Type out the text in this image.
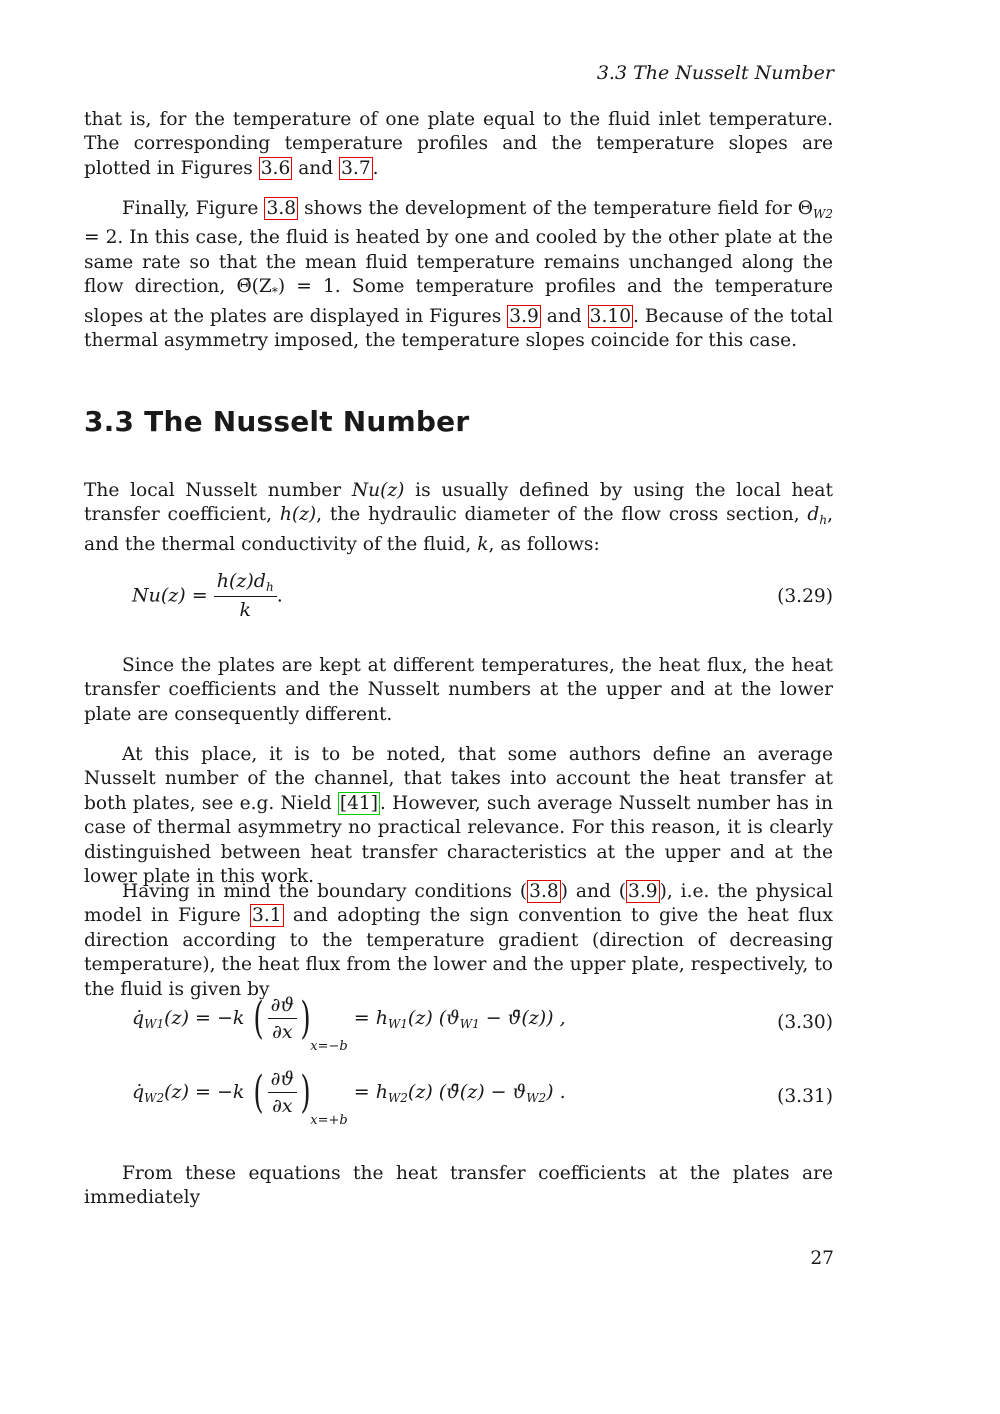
3.3 The Nusselt Number

that is, for the temperature of one plate equal to the fluid inlet temperature. The corresponding temperature profiles and the temperature slopes are plotted in Figures 3.6 and 3.7 .

Finally, Figure 3.8 shows the development of the temperature field for $\Theta_{W2} = 2$. In this case, the fluid is heated by one and cooled by the other plate at the same rate so that the mean fluid temperature remains unchanged along the flow direction, $\Thetā(Z_*) = 1$. Some temperature profiles and the temperature slopes at the plates are displayed in Figures 3.9 and 3.10 . Because of the total thermal asymmetry imposed, the temperature slopes coincide for this case.

3.3 The Nusselt Number

The local Nusselt number Nu(z) is usually defined by using the local heat transfer coefficient, h(z), the hydraulic diameter of the flow cross section, $d_h$, and the thermal conductivity of the fluid, k, as follows:

$Nu(z) = \frac{h(z)d_h}{k}$ .	(3.29)

Since the plates are kept at different temperatures, the heat flux, the heat transfer coefficients and the Nusselt numbers at the upper and at the lower plate are consequently different.

At this place, it is to be noted, that some authors define an average Nusselt number of the channel, that takes into account the heat transfer at both plates, see e.g. Nield [41] . However, such average Nusselt number has in case of thermal asymmetry no practical relevance. For this reason, it is clearly distinguished between heat transfer characteristics at the upper and at the lower plate in this work.

Having in mind the boundary conditions ( 3.8 ) and ( 3.9 ), i.e. the physical model in Figure 3.1 and adopting the sign convention to give the heat flux direction according to the temperature gradient (direction of decreasing temperature), the heat flux from the lower and the upper plate, respectively, to the fluid is given by

$q̇_{W1}(z) = -k$ ( $\frac{\partial ϑ}{\partial x} )x=-b = h_{W1}(z)$ ($ϑ_{W1}$ − ϑ̄(z)) ,	(3.30)
$q̇_{W2}(z) = -k$ ( $\frac{\partial ϑ}{\partial x} )x=+b = h_{W2}(z)$ (ϑ̄(z) − $ϑ_{W2}$) .	(3.31)

From these equations the heat transfer coefficients at the plates are immediately

27
